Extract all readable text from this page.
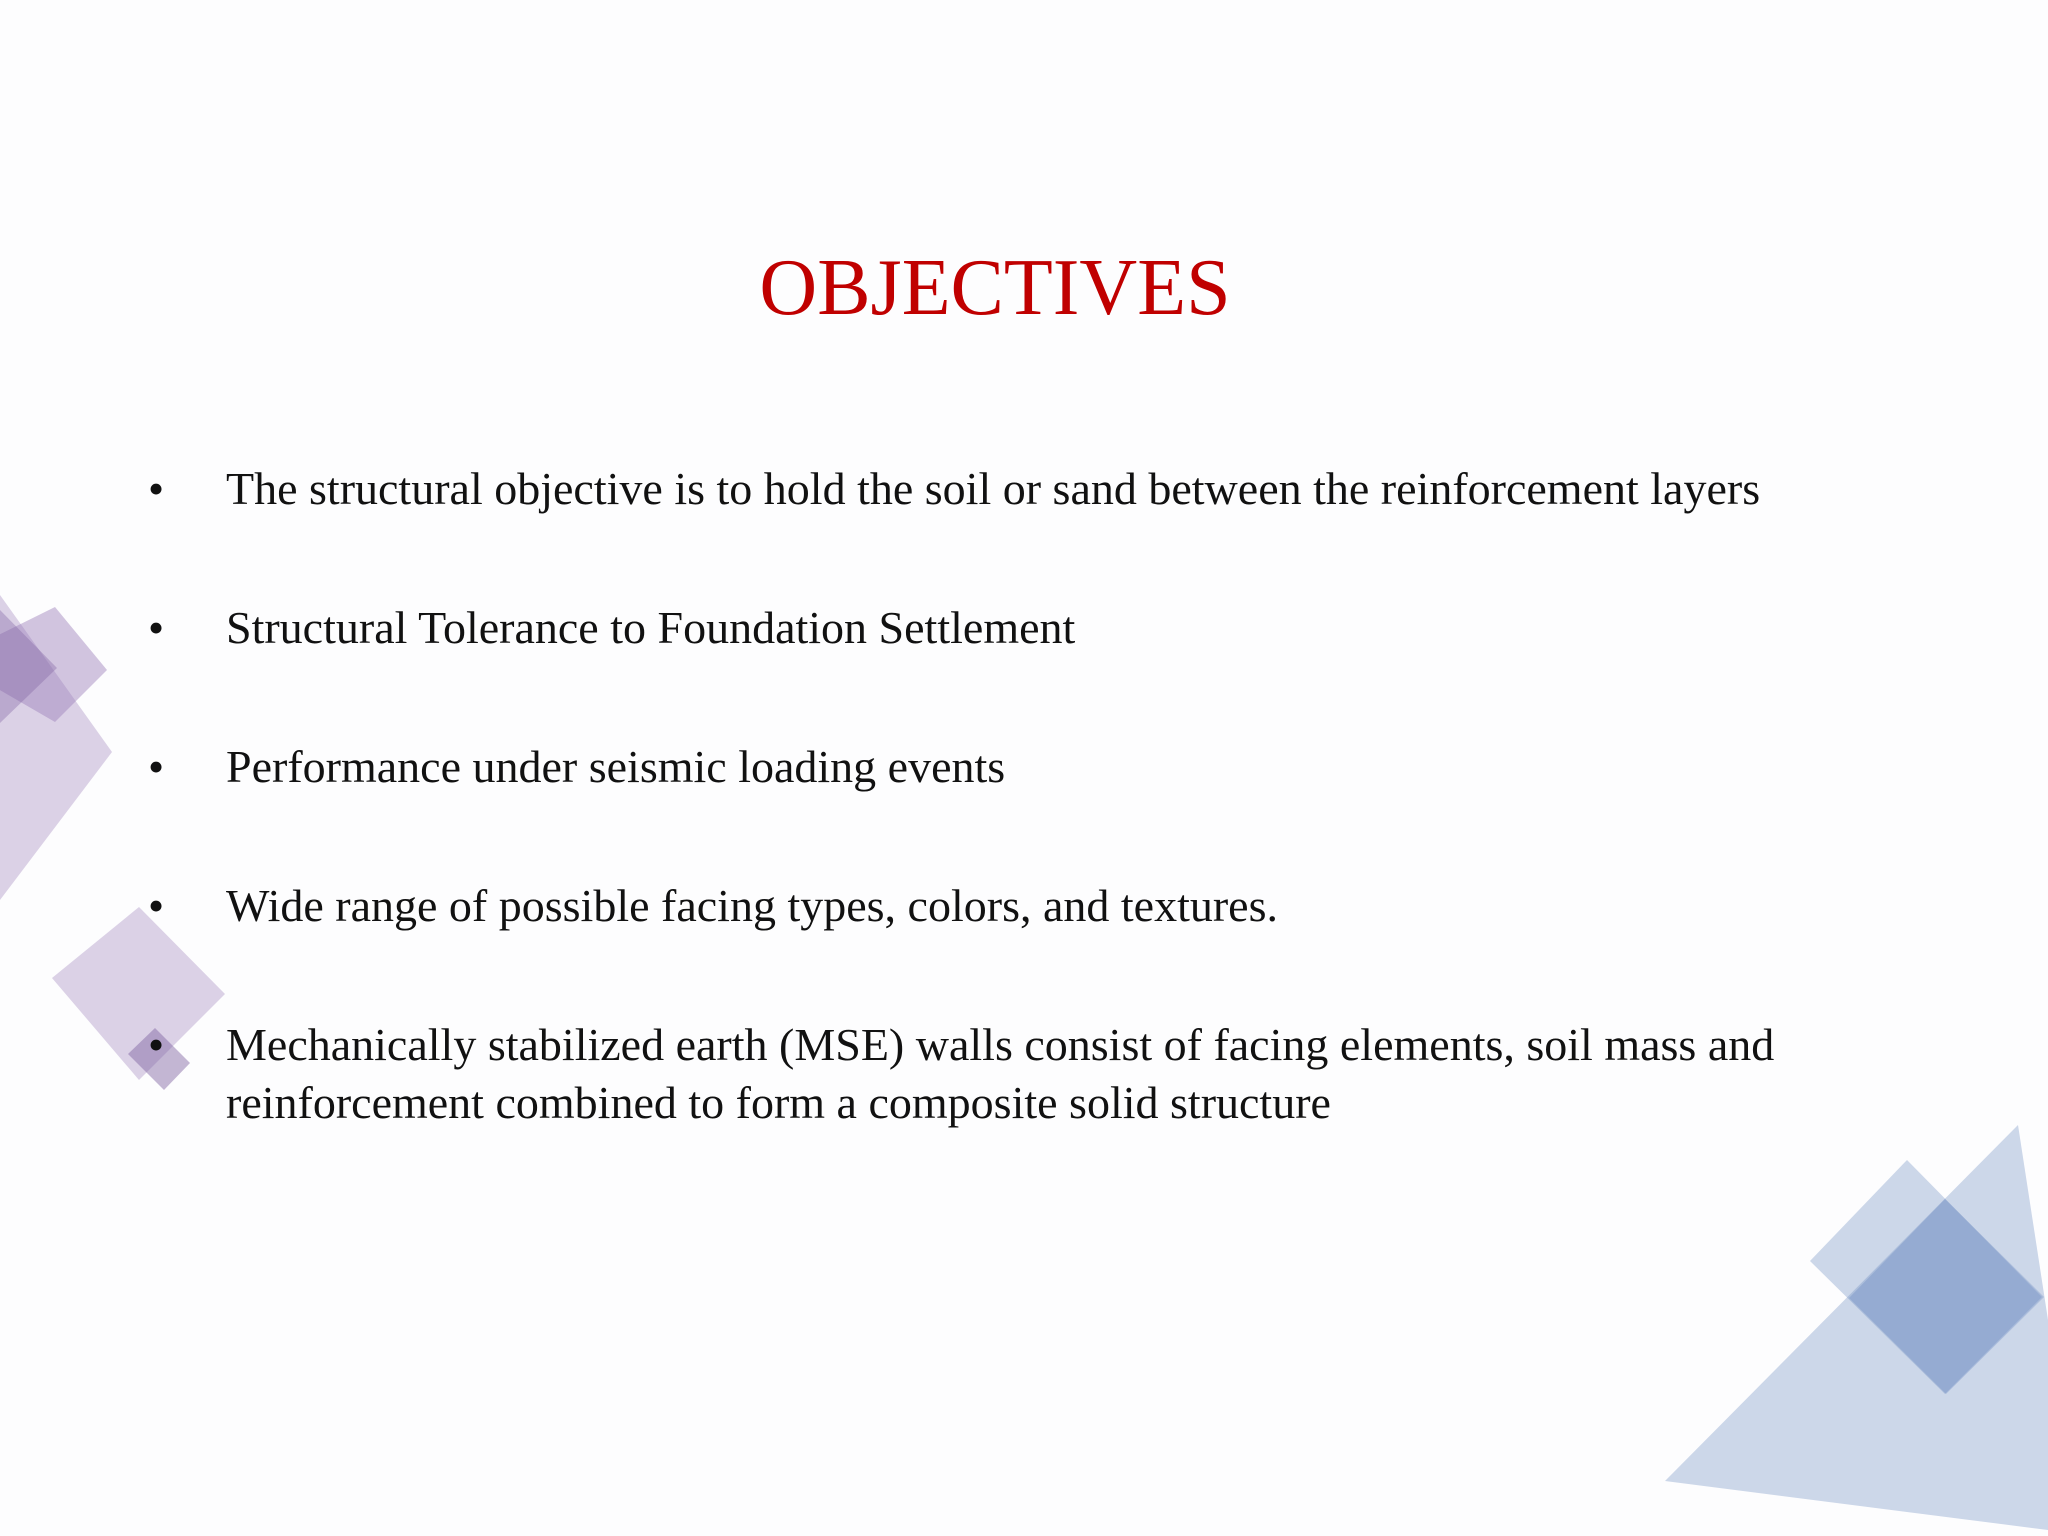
OBJECTIVES
•	The structural objective is to hold the soil or sand between the reinforcement layers
•	Structural Tolerance to Foundation Settlement
•	Performance under seismic loading events
•	Wide range of possible facing types, colors, and textures.
•	Mechanically stabilized earth (MSE) walls consist of facing elements, soil mass and reinforcement combined to form a composite solid structure
